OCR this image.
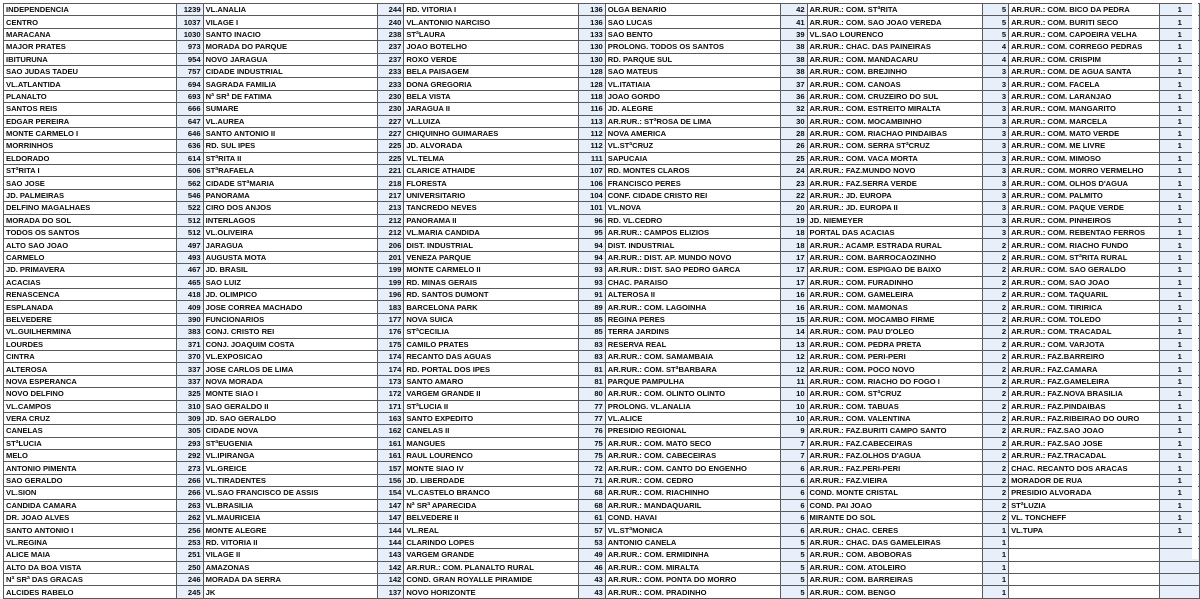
INDEPENDENCIA	1239	VL.ANALIA	244	RD. VITORIA I	136	OLGA BENARIO	42	AR.RUR.: COM. STªRITA	5	AR.RUR.: COM. BICO DA PEDRA	1
CENTRO	1037	VILAGE I	240	VL.ANTONIO NARCISO	136	SAO LUCAS	41	AR.RUR.: COM. SAO JOAO VEREDA	5	AR.RUR.: COM. BURITI SECO	1
MARACANA	1030	SANTO INACIO	238	STªLAURA	133	SAO BENTO	39	VL.SAO LOURENCO	5	AR.RUR.: COM. CAPOEIRA VELHA	1
MAJOR PRATES	973	MORADA DO PARQUE	237	JOAO BOTELHO	130	PROLONG. TODOS OS SANTOS	38	AR.RUR.: CHAC. DAS PAINEIRAS	4	AR.RUR.: COM. CORREGO PEDRAS	1
IBITURUNA	954	NOVO JARAGUA	237	ROXO VERDE	130	RD. PARQUE SUL	38	AR.RUR.: COM. MANDACARU	4	AR.RUR.: COM. CRISPIM	1
SAO JUDAS TADEU	757	CIDADE INDUSTRIAL	233	BELA PAISAGEM	128	SAO MATEUS	38	AR.RUR.: COM. BREJINHO	3	AR.RUR.: COM. DE AGUA SANTA	1
VL.ATLANTIDA	694	SAGRADA FAMILIA	233	DONA GREGORIA	128	VL.ITATIAIA	37	AR.RUR.: COM. CANOAS	3	AR.RUR.: COM. FACELA	1
PLANALTO	693	Nª SRª DE FATIMA	230	BELA VISTA	118	JOAO GORDO	36	AR.RUR.: COM. CRUZEIRO DO SUL	3	AR.RUR.: COM. LARANJAO	1
SANTOS REIS	666	SUMARE	230	JARAGUA II	116	JD. ALEGRE	32	AR.RUR.: COM. ESTREITO MIRALTA	3	AR.RUR.: COM. MANGARITO	1
EDGAR PEREIRA	647	VL.AUREA	227	VL.LUIZA	113	AR.RUR.: STªROSA DE LIMA	30	AR.RUR.: COM. MOCAMBINHO	3	AR.RUR.: COM. MARCELA	1
MONTE CARMELO I	646	SANTO ANTONIO II	227	CHIQUINHO GUIMARAES	112	NOVA AMERICA	28	AR.RUR.: COM. RIACHAO PINDAIBAS	3	AR.RUR.: COM. MATO VERDE	1
MORRINHOS	636	RD. SUL IPES	225	JD. ALVORADA	112	VL.STªCRUZ	26	AR.RUR.: COM. SERRA STªCRUZ	3	AR.RUR.: COM. ME LIVRE	1
ELDORADO	614	STªRITA II	225	VL.TELMA	111	SAPUCAIA	25	AR.RUR.: COM. VACA MORTA	3	AR.RUR.: COM. MIMOSO	1
STªRITA I	606	STªRAFAELA	221	CLARICE ATHAIDE	107	RD. MONTES CLAROS	24	AR.RUR.: FAZ.MUNDO NOVO	3	AR.RUR.: COM. MORRO VERMELHO	1
SAO JOSE	562	CIDADE STªMARIA	218	FLORESTA	106	FRANCISCO PERES	23	AR.RUR.: FAZ.SERRA VERDE	3	AR.RUR.: COM. OLHOS D'AGUA	1
JD. PALMEIRAS	546	PANORAMA	217	UNIVERSITARIO	104	CONF. CIDADE CRISTO REI	22	AR.RUR.: JD. EUROPA	3	AR.RUR.: COM. PALMITO	1
DELFINO MAGALHAES	522	CIRO DOS ANJOS	213	TANCREDO NEVES	101	VL.NOVA	20	AR.RUR.: JD. EUROPA II	3	AR.RUR.: COM. PAQUE VERDE	1
MORADA DO SOL	512	INTERLAGOS	212	PANORAMA II	96	RD. VL.CEDRO	19	JD. NIEMEYER	3	AR.RUR.: COM. PINHEIROS	1
TODOS OS SANTOS	512	VL.OLIVEIRA	212	VL.MARIA CANDIDA	95	AR.RUR.: CAMPOS ELIZIOS	18	PORTAL DAS ACACIAS	3	AR.RUR.: COM. REBENTAO FERROS	1
ALTO SAO JOAO	497	JARAGUA	206	DIST. INDUSTRIAL	94	DIST. INDUSTRIAL	18	AR.RUR.: ACAMP. ESTRADA RURAL	2	AR.RUR.: COM. RIACHO FUNDO	1
CARMELO	493	AUGUSTA MOTA	201	VENEZA PARQUE	94	AR.RUR.: DIST. AP. MUNDO NOVO	17	AR.RUR.: COM. BARROCAOZINHO	2	AR.RUR.: COM. STªRITA RURAL	1
JD. PRIMAVERA	467	JD. BRASIL	199	MONTE CARMELO II	93	AR.RUR.: DIST. SAO PEDRO GARCA	17	AR.RUR.: COM. ESPIGAO DE BAIXO	2	AR.RUR.: COM. SAO GERALDO	1
ACACIAS	465	SAO LUIZ	199	RD. MINAS GERAIS	93	CHAC. PARAISO	17	AR.RUR.: COM. FURADINHO	2	AR.RUR.: COM. SAO JOAO	1
RENASCENCA	418	JD. OLIMPICO	196	RD. SANTOS DUMONT	91	ALTEROSA II	16	AR.RUR.: COM. GAMELEIRA	2	AR.RUR.: COM. TAQUARIL	1
ESPLANADA	409	JOSE CORREA MACHADO	183	BARCELONA PARK	89	AR.RUR.: COM. LAGOINHA	16	AR.RUR.: COM. MAMONAS	2	AR.RUR.: COM. TIRIRICA	1
BELVEDERE	390	FUNCIONARIOS	177	NOVA SUICA	85	REGINA PERES	15	AR.RUR.: COM. MOCAMBO FIRME	2	AR.RUR.: COM. TOLEDO	1
VL.GUILHERMINA	383	CONJ. CRISTO REI	176	STªCECILIA	85	TERRA JARDINS	14	AR.RUR.: COM. PAU D'OLEO	2	AR.RUR.: COM. TRACADAL	1
LOURDES	371	CONJ. JOAQUIM COSTA	175	CAMILO PRATES	83	RESERVA REAL	13	AR.RUR.: COM. PEDRA PRETA	2	AR.RUR.: COM. VARJOTA	1
CINTRA	370	VL.EXPOSICAO	174	RECANTO DAS AGUAS	83	AR.RUR.: COM. SAMAMBAIA	12	AR.RUR.: COM. PERI-PERI	2	AR.RUR.: FAZ.BARREIRO	1
ALTEROSA	337	JOSE CARLOS DE LIMA	174	RD. PORTAL DOS IPES	81	AR.RUR.: COM. STªBARBARA	12	AR.RUR.: COM. POCO NOVO	2	AR.RUR.: FAZ.CAMARA	1
NOVA ESPERANCA	337	NOVA MORADA	173	SANTO AMARO	81	PARQUE PAMPULHA	11	AR.RUR.: COM. RIACHO DO FOGO I	2	AR.RUR.: FAZ.GAMELEIRA	1
NOVO DELFINO	325	MONTE SIAO I	172	VARGEM GRANDE II	80	AR.RUR.: COM. OLINTO OLINTO	10	AR.RUR.: COM. STªCRUZ	2	AR.RUR.: FAZ.NOVA BRASILIA	1
VL.CAMPOS	310	SAO GERALDO II	171	STªLUCIA II	77	PROLONG. VL.ANALIA	10	AR.RUR.: COM. TABUAS	2	AR.RUR.: FAZ.PINDAIBAS	1
VERA CRUZ	309	JD. SAO GERALDO	163	SANTO EXPEDITO	77	VL.ALICE	10	AR.RUR.: COM. VALENTINA	2	AR.RUR.: FAZ.RIBEIRAO DO OURO	1
CANELAS	305	CIDADE NOVA	162	CANELAS II	76	PRESIDIO REGIONAL	9	AR.RUR.: FAZ.BURITI CAMPO SANTO	2	AR.RUR.: FAZ.SAO JOAO	1
STªLUCIA	293	STªEUGENIA	161	MANGUES	75	AR.RUR.: COM. MATO SECO	7	AR.RUR.: FAZ.CABECEIRAS	2	AR.RUR.: FAZ.SAO JOSE	1
MELO	292	VL.IPIRANGA	161	RAUL LOURENCO	75	AR.RUR.: COM. CABECEIRAS	7	AR.RUR.: FAZ.OLHOS D'AGUA	2	AR.RUR.: FAZ.TRACADAL	1
ANTONIO PIMENTA	273	VL.GREICE	157	MONTE SIAO IV	72	AR.RUR.: COM. CANTO DO ENGENHO	6	AR.RUR.: FAZ.PERI-PERI	2	CHAC. RECANTO DOS ARACAS	1
SAO GERALDO	266	VL.TIRADENTES	156	JD. LIBERDADE	71	AR.RUR.: COM. CEDRO	6	AR.RUR.: FAZ.VIEIRA	2	MORADOR DE RUA	1
VL.SION	266	VL.SAO FRANCISCO DE ASSIS	154	VL.CASTELO BRANCO	68	AR.RUR.: COM. RIACHINHO	6	COND. MONTE CRISTAL	2	PRESIDIO ALVORADA	1
CANDIDA CAMARA	263	VL.BRASILIA	147	Nª SRª APARECIDA	68	AR.RUR.: MANDAQUARIL	6	COND. PAI JOAO	2	STªLUZIA	1
DR. JOAO ALVES	262	VL.MAURICEIA	147	BELVEDERE II	61	COND. HAVAI	6	MIRANTE DO SOL	2	VL. TONCHEFF	1
SANTO ANTONIO I	256	MONTE ALEGRE	144	VL.REAL	57	VL.STªMONICA	6	AR.RUR.: CHAC. CERES	1	VL.TUPA	1
VL.REGINA	253	RD. VITORIA II	144	CLARINDO LOPES	53	ANTONIO CANELA	5	AR.RUR.: CHAC. DAS GAMELEIRAS	1		
ALICE MAIA	251	VILAGE II	143	VARGEM GRANDE	49	AR.RUR.: COM. ERMIDINHA	5	AR.RUR.: COM. ABOBORAS	1		
ALTO DA BOA VISTA	250	AMAZONAS	142	AR.RUR.: COM. PLANALTO RURAL	46	AR.RUR.: COM. MIRALTA	5	AR.RUR.: COM. ATOLEIRO	1		
Nª SRª DAS GRACAS	246	MORADA DA SERRA	142	COND. GRAN ROYALLE PIRAMIDE	43	AR.RUR.: COM. PONTA DO MORRO	5	AR.RUR.: COM. BARREIRAS	1		
ALCIDES RABELO	245	JK	137	NOVO HORIZONTE	43	AR.RUR.: COM. PRADINHO	5	AR.RUR.: COM. BENGO	1		
